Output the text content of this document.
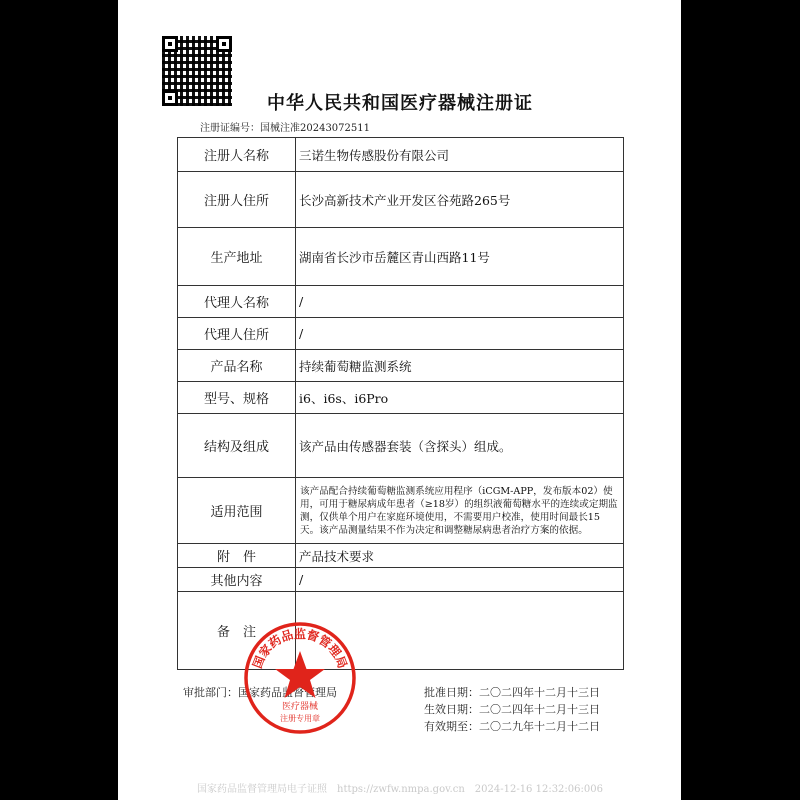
中华人民共和国医疗器械注册证
注册证编号：国械注准20243072511
注册人名称	三诺生物传感股份有限公司
注册人住所	长沙高新技术产业开发区谷苑路265号
生产地址	湖南省长沙市岳麓区青山西路11号
代理人名称	/
代理人住所	/
产品名称	持续葡萄糖监测系统
型号、规格	i6、i6s、i6Pro
结构及组成	该产品由传感器套装（含探头）组成。
适用范围	该产品配合持续葡萄糖监测系统应用程序（iCGM-APP，发布版本02）使用，可用于糖尿病成年患者（≥18岁）的组织液葡萄糖水平的连续或定期监测，仅供单个用户在家庭环境使用，不需要用户校准，使用时间最长15天。该产品测量结果不作为决定和调整糖尿病患者治疗方案的依据。
附　件	产品技术要求
其他内容	/
备　注	
审批部门：国家药品监督管理局	批准日期：二〇二四年十二月十三日
生效日期：二〇二四年十二月十三日
有效期至：二〇二九年十二月十二日
国家药品监督管理局
医疗器械
注册专用章
国家药品监督管理局电子证照　https://zwfw.nmpa.gov.cn　2024-12-16 12:32:06:006
